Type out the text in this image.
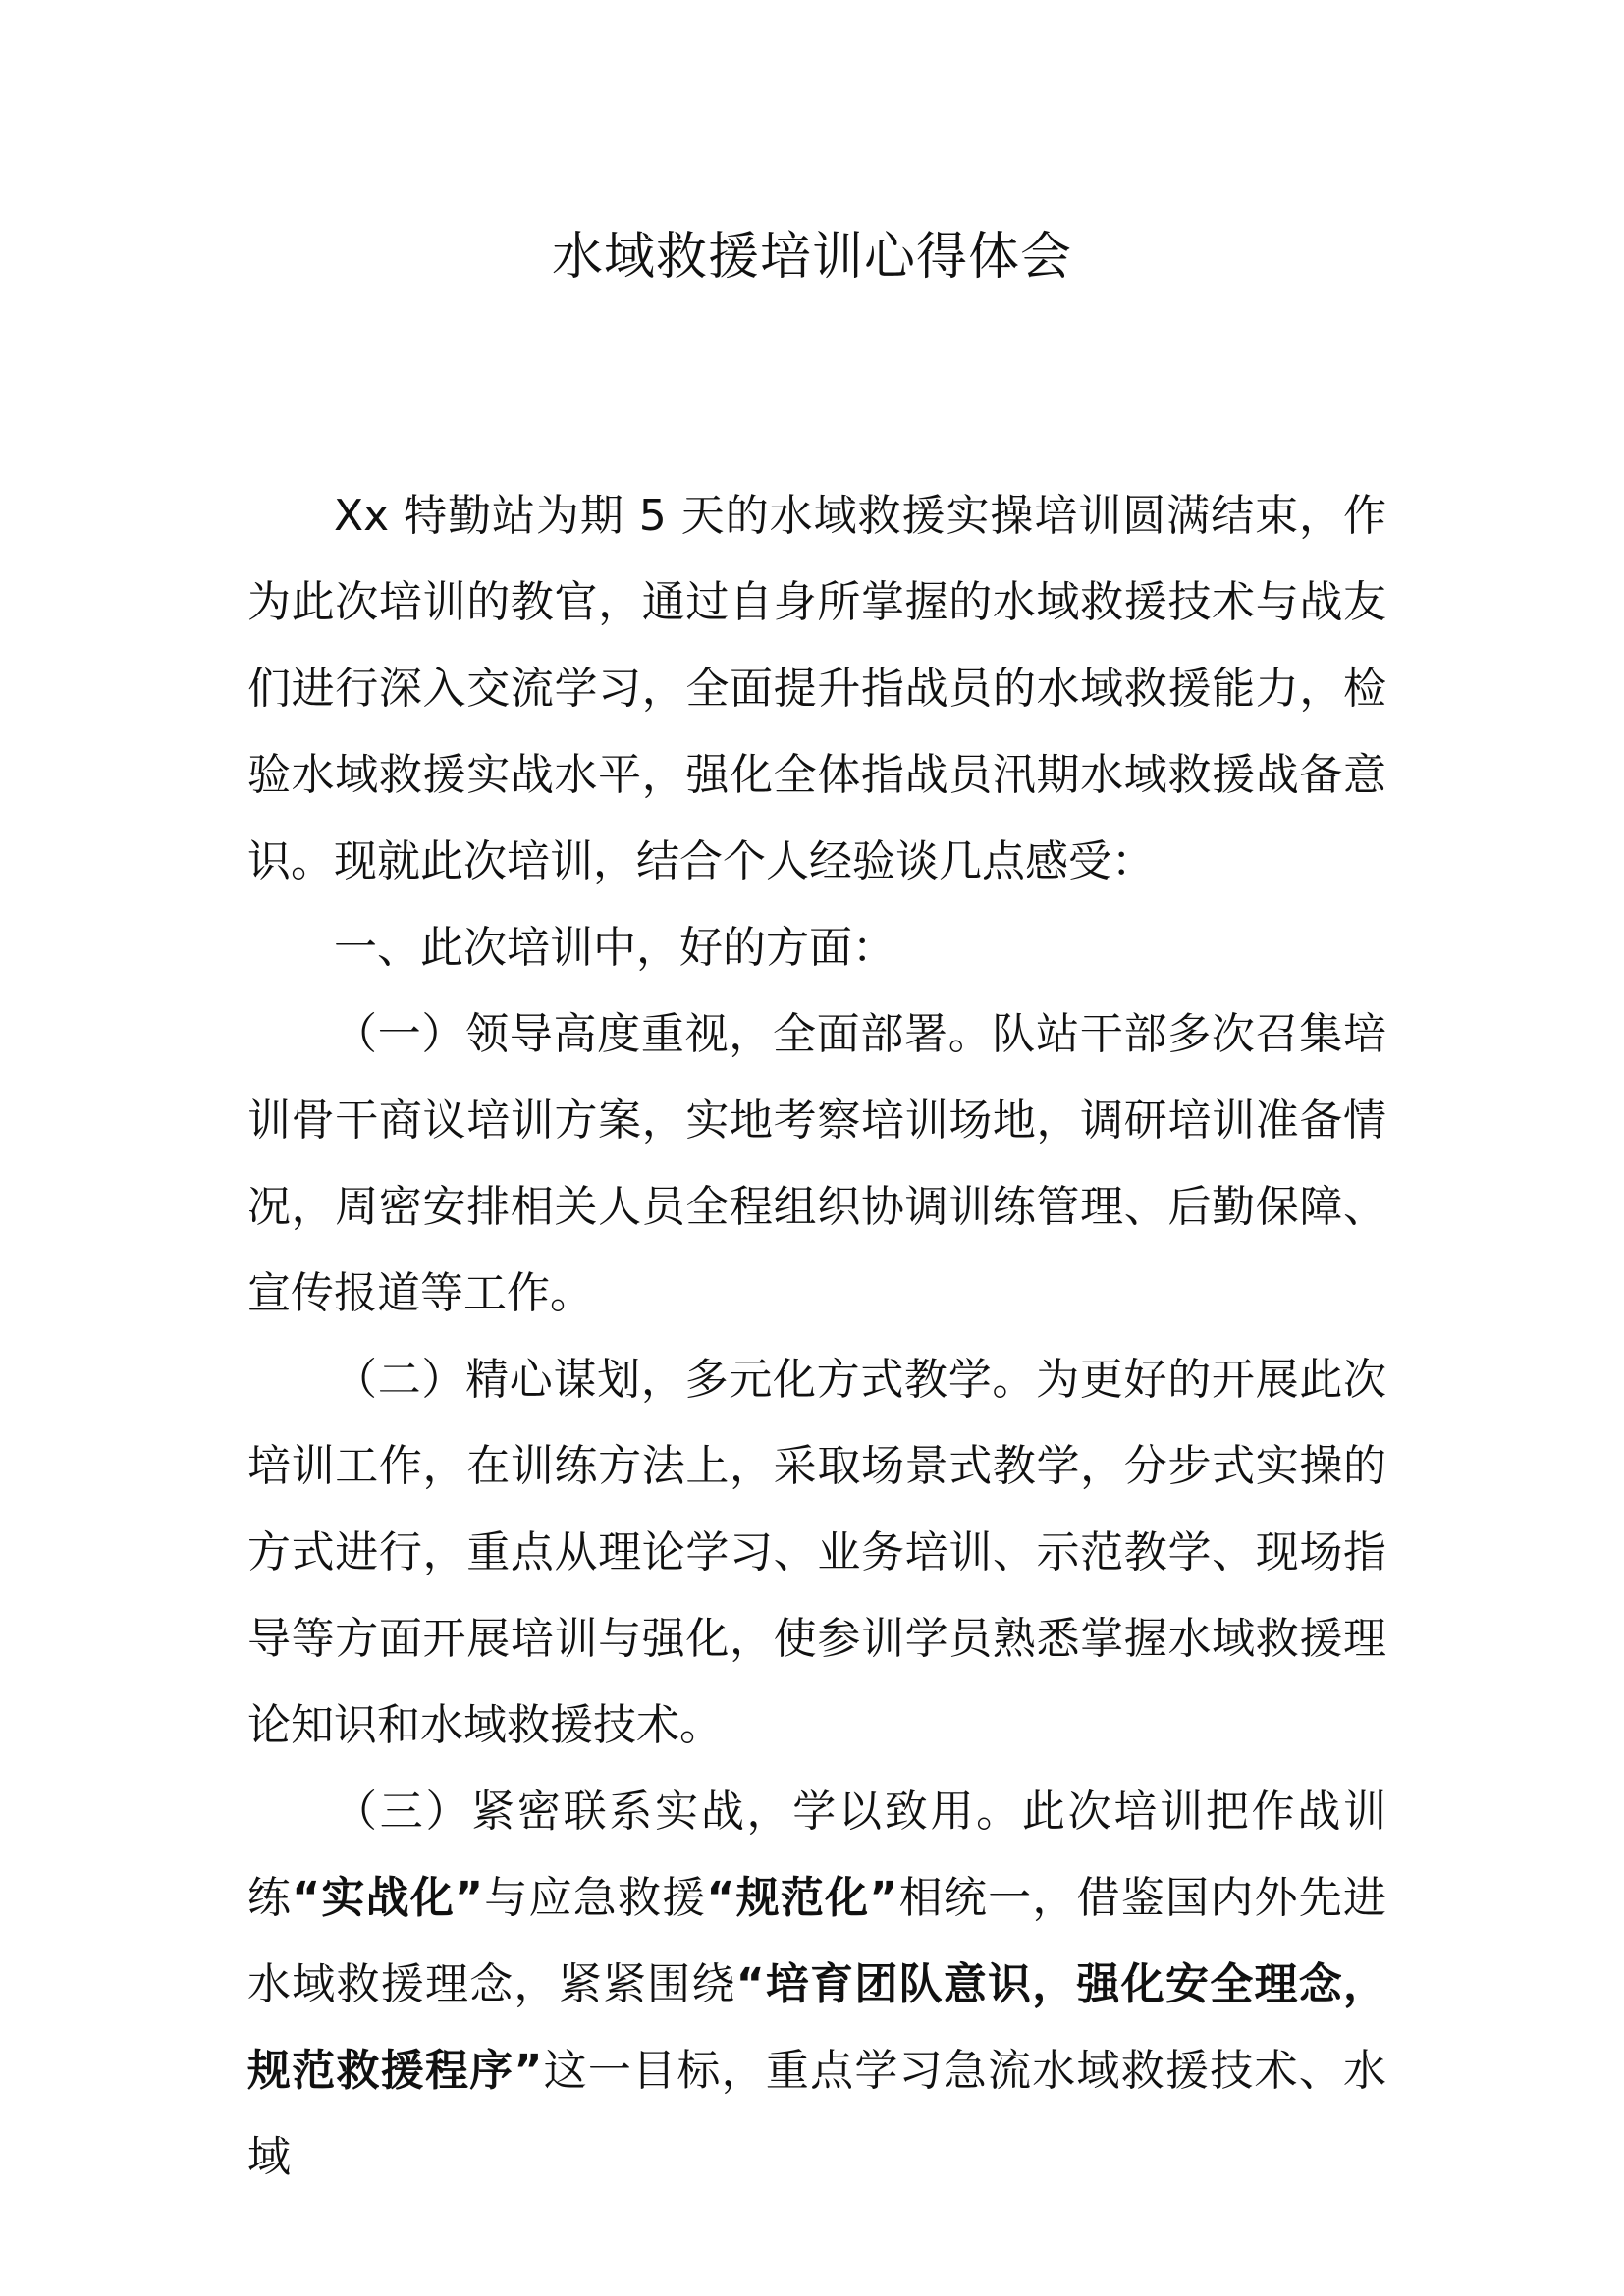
水域救援培训心得体会

Xx 特勤站为期 5 天的水域救援实操培训圆满结束，作为此次培训的教官，通过自身所掌握的水域救援技术与战友们进行深入交流学习，全面提升指战员的水域救援能力，检验水域救援实战水平，强化全体指战员汛期水域救援战备意识。现就此次培训，结合个人经验谈几点感受：

一、此次培训中，好的方面：

（一）领导高度重视，全面部署。队站干部多次召集培训骨干商议培训方案，实地考察培训场地，调研培训准备情况，周密安排相关人员全程组织协调训练管理、后勤保障、宣传报道等工作。

（二）精心谋划，多元化方式教学。为更好的开展此次培训工作，在训练方法上，采取场景式教学，分步式实操的方式进行，重点从理论学习、业务培训、示范教学、现场指导等方面开展培训与强化，使参训学员熟悉掌握水域救援理论知识和水域救援技术。

（三）紧密联系实战，学以致用。此次培训把作战训练“实战化”与应急救援“规范化”相统一，借鉴国内外先进水域救援理念，紧紧围绕“培育团队意识，强化安全理念，规范救援程序”这一目标，重点学习急流水域救援技术、水域
